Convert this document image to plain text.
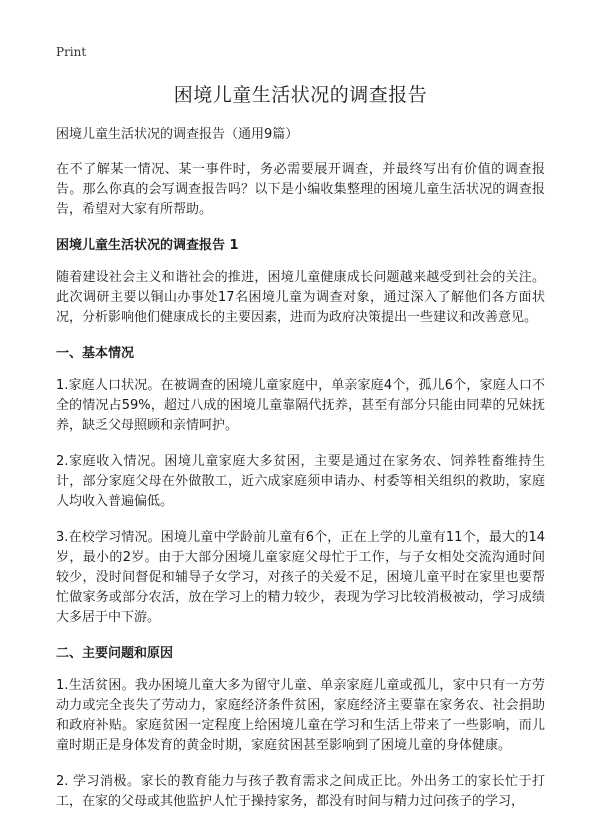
Print
困境儿童生活状况的调查报告
困境儿童生活状况的调查报告（通用9篇）

在不了解某一情况、某一事件时，务必需要展开调查，并最终写出有价值的调查报告。那么你真的会写调查报告吗？以下是小编收集整理的困境儿童生活状况的调查报告，希望对大家有所帮助。

困境儿童生活状况的调查报告 1

随着建设社会主义和谐社会的推进，困境儿童健康成长问题越来越受到社会的关注。此次调研主要以铜山办事处17名困境儿童为调查对象，通过深入了解他们各方面状况，分析影响他们健康成长的主要因素，进而为政府决策提出一些建议和改善意见。

一、基本情况

1.家庭人口状况。在被调查的困境儿童家庭中，单亲家庭4个，孤儿6个，家庭人口不全的情况占59%，超过八成的困境儿童靠隔代抚养，甚至有部分只能由同辈的兄妹抚养，缺乏父母照顾和亲情呵护。

2.家庭收入情况。困境儿童家庭大多贫困，主要是通过在家务农、饲养牲畜维持生计，部分家庭父母在外做散工，近六成家庭须申请办、村委等相关组织的救助，家庭人均收入普遍偏低。

3.在校学习情况。困境儿童中学龄前儿童有6个，正在上学的儿童有11个，最大的14岁，最小的2岁。由于大部分困境儿童家庭父母忙于工作，与子女相处交流沟通时间较少，没时间督促和辅导子女学习，对孩子的关爱不足，困境儿童平时在家里也要帮忙做家务或部分农活，放在学习上的精力较少，表现为学习比较消极被动，学习成绩大多居于中下游。

二、主要问题和原因

1.生活贫困。我办困境儿童大多为留守儿童、单亲家庭儿童或孤儿，家中只有一方劳动力或完全丧失了劳动力，家庭经济条件贫困，家庭经济主要靠在家务农、社会捐助和政府补贴。家庭贫困一定程度上给困境儿童在学习和生活上带来了一些影响，而儿童时期正是身体发育的黄金时期，家庭贫困甚至影响到了困境儿童的身体健康。

2. 学习消极。家长的教育能力与孩子教育需求之间成正比。外出务工的家长忙于打工，在家的父母或其他监护人忙于操持家务，都没有时间与精力过问孩子的学习，
